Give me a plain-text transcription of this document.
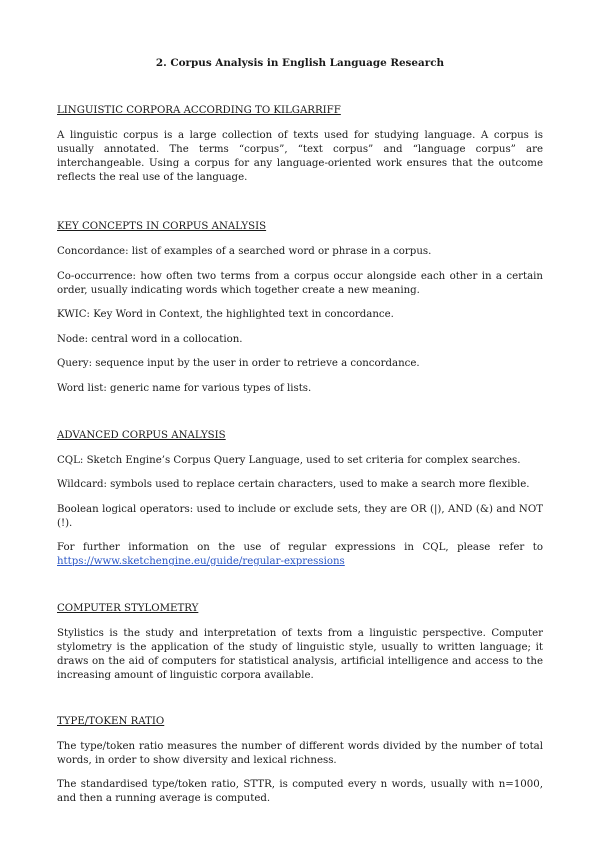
2. Corpus Analysis in English Language Research
LINGUISTIC CORPORA ACCORDING TO KILGARRIFF

A linguistic corpus is a large collection of texts used for studying language. A corpus is usually annotated. The terms “corpus”, “text corpus” and “language corpus” are interchangeable. Using a corpus for any language-oriented work ensures that the outcome reflects the real use of the language.

KEY CONCEPTS IN CORPUS ANALYSIS

Concordance: list of examples of a searched word or phrase in a corpus.

Co-occurrence: how often two terms from a corpus occur alongside each other in a certain order, usually indicating words which together create a new meaning.

KWIC: Key Word in Context, the highlighted text in concordance.

Node: central word in a collocation.

Query: sequence input by the user in order to retrieve a concordance.

Word list: generic name for various types of lists.

ADVANCED CORPUS ANALYSIS

CQL: Sketch Engine’s Corpus Query Language, used to set criteria for complex searches.

Wildcard: symbols used to replace certain characters, used to make a search more flexible.

Boolean logical operators: used to include or exclude sets, they are OR (|), AND (&) and NOT (!).

For further information on the use of regular expressions in CQL, please refer to https://www.sketchengine.eu/guide/regular-expressions

COMPUTER STYLOMETRY

Stylistics is the study and interpretation of texts from a linguistic perspective. Computer stylometry is the application of the study of linguistic style, usually to written language; it draws on the aid of computers for statistical analysis, artificial intelligence and access to the increasing amount of linguistic corpora available.

TYPE/TOKEN RATIO

The type/token ratio measures the number of different words divided by the number of total words, in order to show diversity and lexical richness.

The standardised type/token ratio, STTR, is computed every n words, usually with n=1000, and then a running average is computed.
